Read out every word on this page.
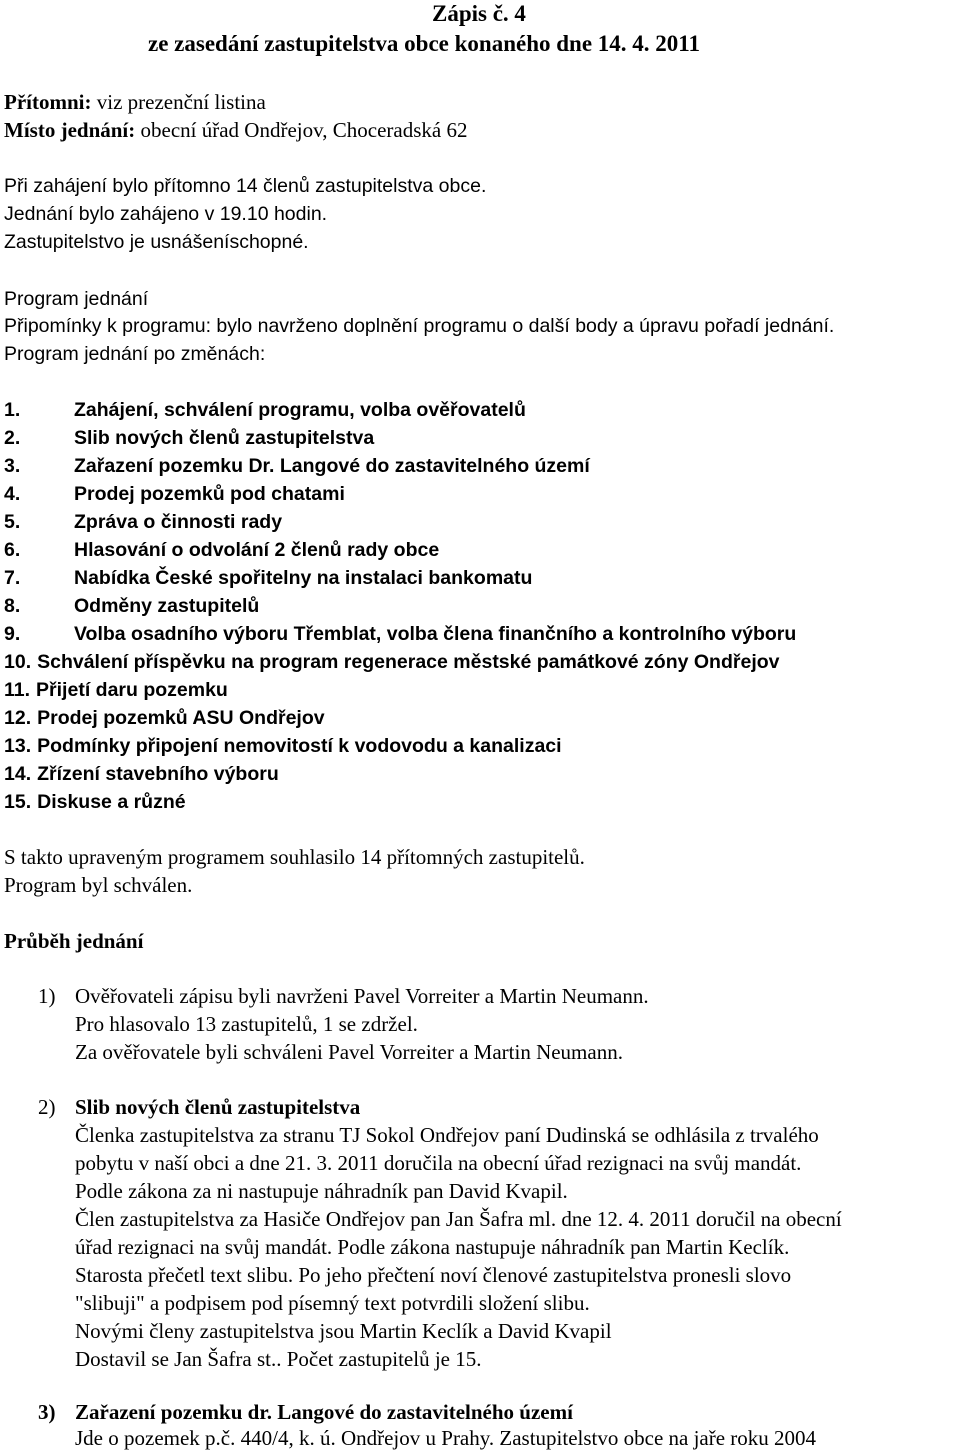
Zápis č. 4
ze zasedání zastupitelstva obce konaného dne 14. 4. 2011
Přítomni: viz prezenční listina
Místo jednání: obecní úřad Ondřejov, Choceradská 62
Při zahájení bylo přítomno 14 členů zastupitelstva obce.
Jednání bylo zahájeno v 19.10 hodin.
Zastupitelstvo je usnášeníschopné.
Program jednání
Připomínky k programu: bylo navrženo doplnění programu o další body a úpravu pořadí jednání.
Program jednání po změnách:
1.	Zahájení, schválení programu, volba ověřovatelů
2.	Slib nových členů zastupitelstva
3.	Zařazení pozemku Dr. Langové do zastavitelného území
4.	Prodej pozemků pod chatami
5.	Zpráva o činnosti rady
6.	Hlasování o odvolání 2 členů rady obce
7.	Nabídka České spořitelny na instalaci bankomatu
8.	Odměny zastupitelů
9.	Volba osadního výboru Třemblat, volba člena finančního a kontrolního výboru
10. Schválení příspěvku na program regenerace městské památkové zóny Ondřejov
11. Přijetí daru pozemku
12. Prodej pozemků ASU Ondřejov
13. Podmínky připojení nemovitostí k vodovodu a kanalizaci
14. Zřízení stavebního výboru
15. Diskuse a různé
S takto upraveným programem souhlasilo 14 přítomných zastupitelů.
Program byl schválen.
Průběh jednání
1) Ověřovateli zápisu byli navrženi Pavel Vorreiter a Martin Neumann.
Pro hlasovalo 13 zastupitelů, 1 se zdržel.
Za ověřovatele byli schváleni Pavel Vorreiter a Martin Neumann.
2) Slib nových členů zastupitelstva
Členka zastupitelstva za stranu TJ Sokol Ondřejov paní Dudinská se odhlásila z trvalého
pobytu v naší obci a dne 21. 3. 2011 doručila na obecní úřad rezignaci na svůj mandát.
Podle zákona za ni nastupuje náhradník pan David Kvapil.
Člen zastupitelstva za Hasiče Ondřejov pan Jan Šafra ml. dne 12. 4. 2011 doručil na obecní
úřad rezignaci na svůj mandát. Podle zákona nastupuje náhradník pan Martin Keclík.
Starosta přečetl text slibu. Po jeho přečtení noví členové zastupitelstva pronesli slovo
"slibuji" a podpisem pod písemný text potvrdili složení slibu.
Novými členy zastupitelstva jsou Martin Keclík a David Kvapil
Dostavil se Jan Šafra st.. Počet zastupitelů je 15.
3) Zařazení pozemku dr. Langové do zastavitelného území
Jde o pozemek p.č. 440/4, k. ú. Ondřejov u Prahy. Zastupitelstvo obce na jaře roku 2004
